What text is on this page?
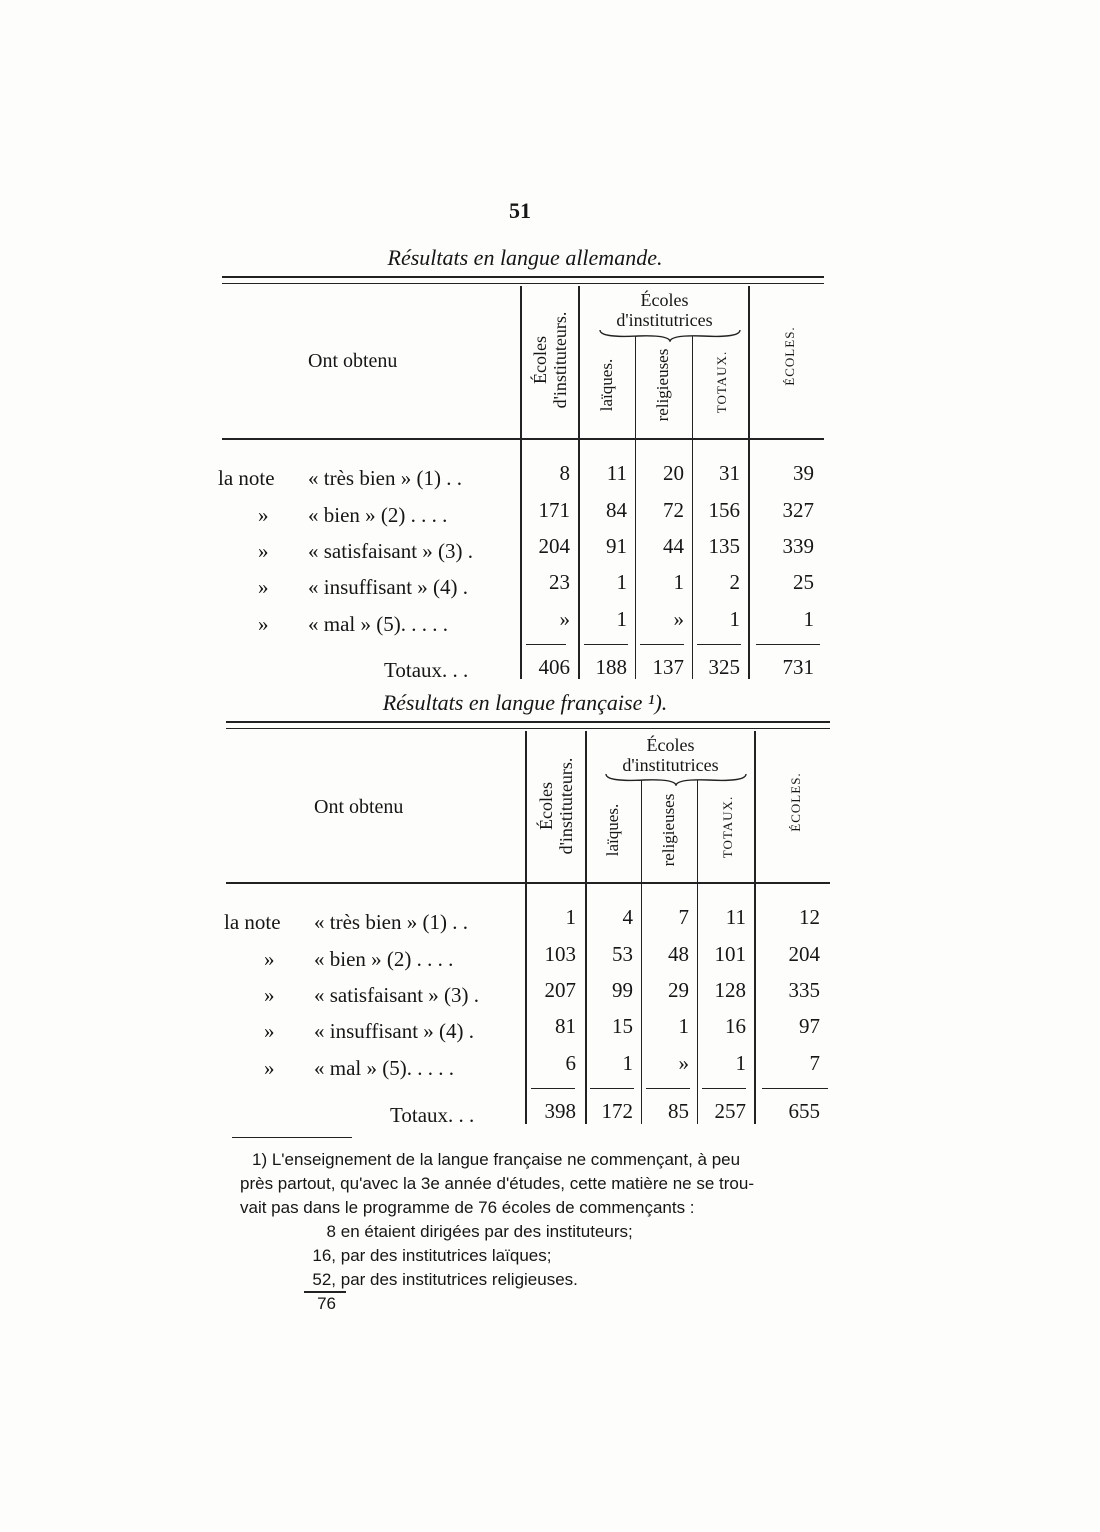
51
Résultats en langue allemande.
Ont obtenu	Écoles d'instituteurs.
Écoles
d'institutrices
laïques. religieuses	TOTAUX.	ÉCOLES.
la note « très bien » (1) . .	8	11	20	31	39
» « bien » (2) . . . .	171	84	72	156	327
» « satisfaisant » (3) .	204	91	44	135	339
» « insuffisant » (4) .	23	1	1	2	25
» « mal » (5). . . . .	»	1	»	1	1
Totaux. . .	406	188	137	325	731
Résultats en langue française ¹).
Ont obtenu	Écoles d'instituteurs.
Écoles
d'institutrices
laïques. religieuses	TOTAUX.	ÉCOLES.
la note « très bien » (1) . .	1	4	7	11	12
» « bien » (2) . . . .	103	53	48	101	204
» « satisfaisant » (3) .	207	99	29	128	335
» « insuffisant » (4) .	81	15	1	16	97
» « mal » (5). . . . .	6	1	»	1	7
Totaux. . .	398	172	85	257	655
1) L'enseignement de la langue française ne commençant, à peu
près partout, qu'avec la 3e année d'études, cette matière ne se trou-
vait pas dans le programme de 76 écoles de commençants :
8 en étaient dirigées par des instituteurs;
16, par des institutrices laïques;
52, par des institutrices religieuses.
76
